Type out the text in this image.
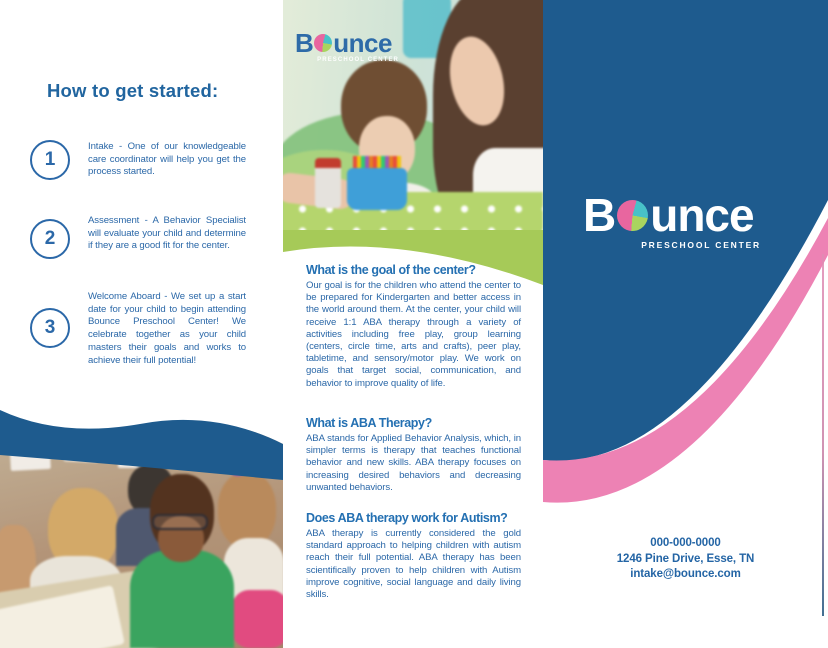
How to get started:
1

Intake - One of our knowledgeable care coordinator will help you get the process started.

2

Assessment - A Behavior Specialist will evaluate your child and determine if they are a good fit for the center.

3

Welcome Aboard - We set up a start date for your child to begin attending Bounce Preschool Center! We celebrate together as your child masters their goals and works to achieve their full potential!

B unce
PRESCHOOL CENTER
What is the goal of the center?

Our goal is for the children who attend the center to be prepared for Kindergarten and better access in the world around them. At the center, your child will receive 1:1 ABA therapy through a variety of activities including free play, group learning (centers, circle time, arts and crafts), peer play, tabletime, and sensory/motor play. We work on goals that target social, communication, and behavior to improve quality of life.

What is ABA Therapy?

ABA stands for Applied Behavior Analysis, which, in simpler terms is therapy that teaches functional behavior and new skills. ABA therapy focuses on increasing desired behaviors and decreasing unwanted behaviors.

Does ABA therapy work for Autism?

ABA therapy is currently considered the gold standard approach to helping children with autism reach their full potential. ABA therapy has been scientifically proven to help children with Autism improve cognitive, social language and daily living skills.

B unce
PRESCHOOL CENTER
000-000-0000
1246 Pine Drive, Esse, TN
intake@bounce.com
